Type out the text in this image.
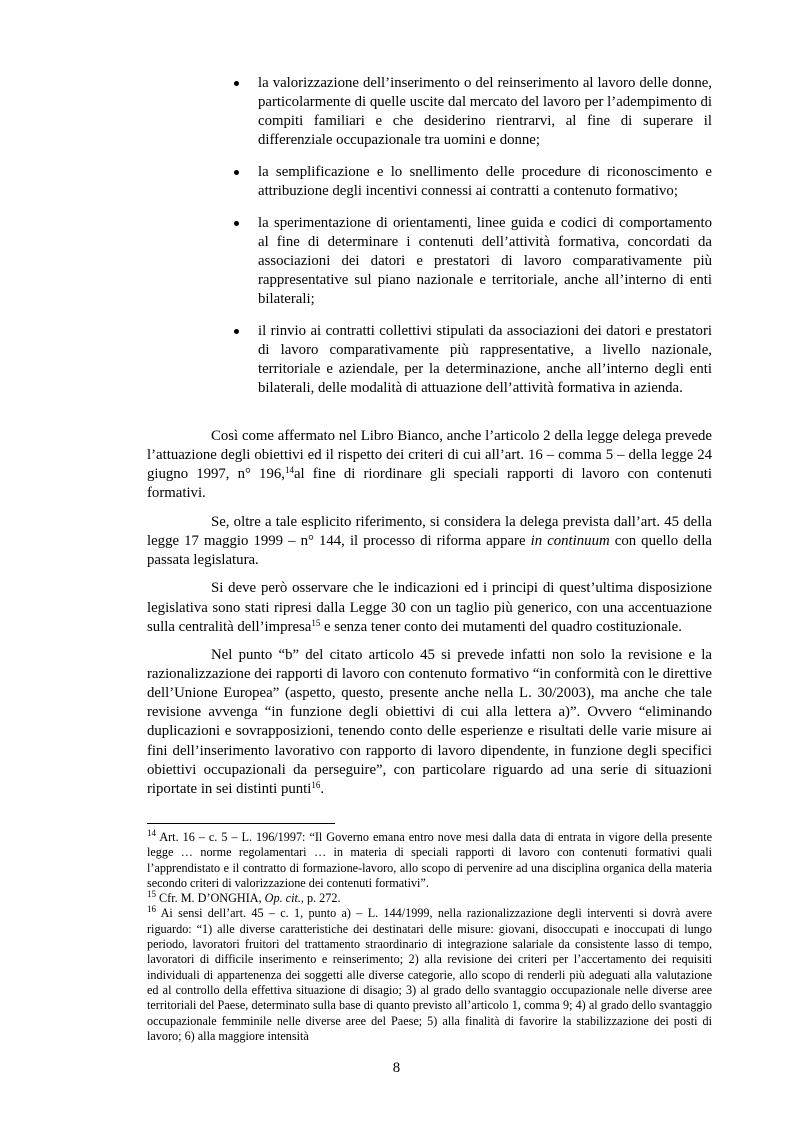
la valorizzazione dell’inserimento o del reinserimento al lavoro delle donne, particolarmente di quelle uscite dal mercato del lavoro per l’adempimento di compiti familiari e che desiderino rientrarvi, al fine di superare il differenziale occupazionale tra uomini e donne;
la semplificazione e lo snellimento delle procedure di riconoscimento e attribuzione degli incentivi connessi ai contratti a contenuto formativo;
la sperimentazione di orientamenti, linee guida e codici di comportamento al fine di determinare i contenuti dell’attività formativa, concordati da associazioni dei datori e prestatori di lavoro comparativamente più rappresentative sul piano nazionale e territoriale, anche all’interno di enti bilaterali;
il rinvio ai contratti collettivi stipulati da associazioni dei datori e prestatori di lavoro comparativamente più rappresentative, a livello nazionale, territoriale e aziendale, per la determinazione, anche all’interno degli enti bilaterali, delle modalità di attuazione dell’attività formativa in azienda.

Così come affermato nel Libro Bianco, anche l’articolo 2 della legge delega prevede l’attuazione degli obiettivi ed il rispetto dei criteri di cui all’art. 16 – comma 5 – della legge 24 giugno 1997, n° 196,14al fine di riordinare gli speciali rapporti di lavoro con contenuti formativi.

Se, oltre a tale esplicito riferimento, si considera la delega prevista dall’art. 45 della legge 17 maggio 1999 – n° 144, il processo di riforma appare in continuum con quello della passata legislatura.

Si deve però osservare che le indicazioni ed i principi di quest’ultima disposizione legislativa sono stati ripresi dalla Legge 30 con un taglio più generico, con una accentuazione sulla centralità dell’impresa$^{15}$ e senza tener conto dei mutamenti del quadro costituzionale.

Nel punto “b” del citato articolo 45 si prevede infatti non solo la revisione e la razionalizzazione dei rapporti di lavoro con contenuto formativo “in conformità con le direttive dell’Unione Europea” (aspetto, questo, presente anche nella L. 30/2003), ma anche che tale revisione avvenga “in funzione degli obiettivi di cui alla lettera a)”. Ovvero “eliminando duplicazioni e sovrapposizioni, tenendo conto delle esperienze e risultati delle varie misure ai fini dell’inserimento lavorativo con rapporto di lavoro dipendente, in funzione degli specifici obiettivi occupazionali da perseguire”, con particolare riguardo ad una serie di situazioni riportate in sei distinti punti$^{16}$.

$^{14}$ Art. 16 – c. 5 – L. 196/1997: “Il Governo emana entro nove mesi dalla data di entrata in vigore della presente legge … norme regolamentari … in materia di speciali rapporti di lavoro con contenuti formativi quali l’apprendistato e il contratto di formazione-lavoro, allo scopo di pervenire ad una disciplina organica della materia secondo criteri di valorizzazione dei contenuti formativi”.

$^{15}$ Cfr. M. D’ONGHIA, Op. cit., p. 272.

$^{16}$ Ai sensi dell’art. 45 – c. 1, punto a) – L. 144/1999, nella razionalizzazione degli interventi si dovrà avere riguardo: “1) alle diverse caratteristiche dei destinatari delle misure: giovani, disoccupati e inoccupati di lungo periodo, lavoratori fruitori del trattamento straordinario di integrazione salariale da consistente lasso di tempo, lavoratori di difficile inserimento e reinserimento; 2) alla revisione dei criteri per l’accertamento dei requisiti individuali di appartenenza dei soggetti alle diverse categorie, allo scopo di renderli più adeguati alla valutazione ed al controllo della effettiva situazione di disagio; 3) al grado dello svantaggio occupazionale nelle diverse aree territoriali del Paese, determinato sulla base di quanto previsto all’articolo 1, comma 9; 4) al grado dello svantaggio occupazionale femminile nelle diverse aree del Paese; 5) alla finalità di favorire la stabilizzazione dei posti di lavoro; 6) alla maggiore intensità

8
